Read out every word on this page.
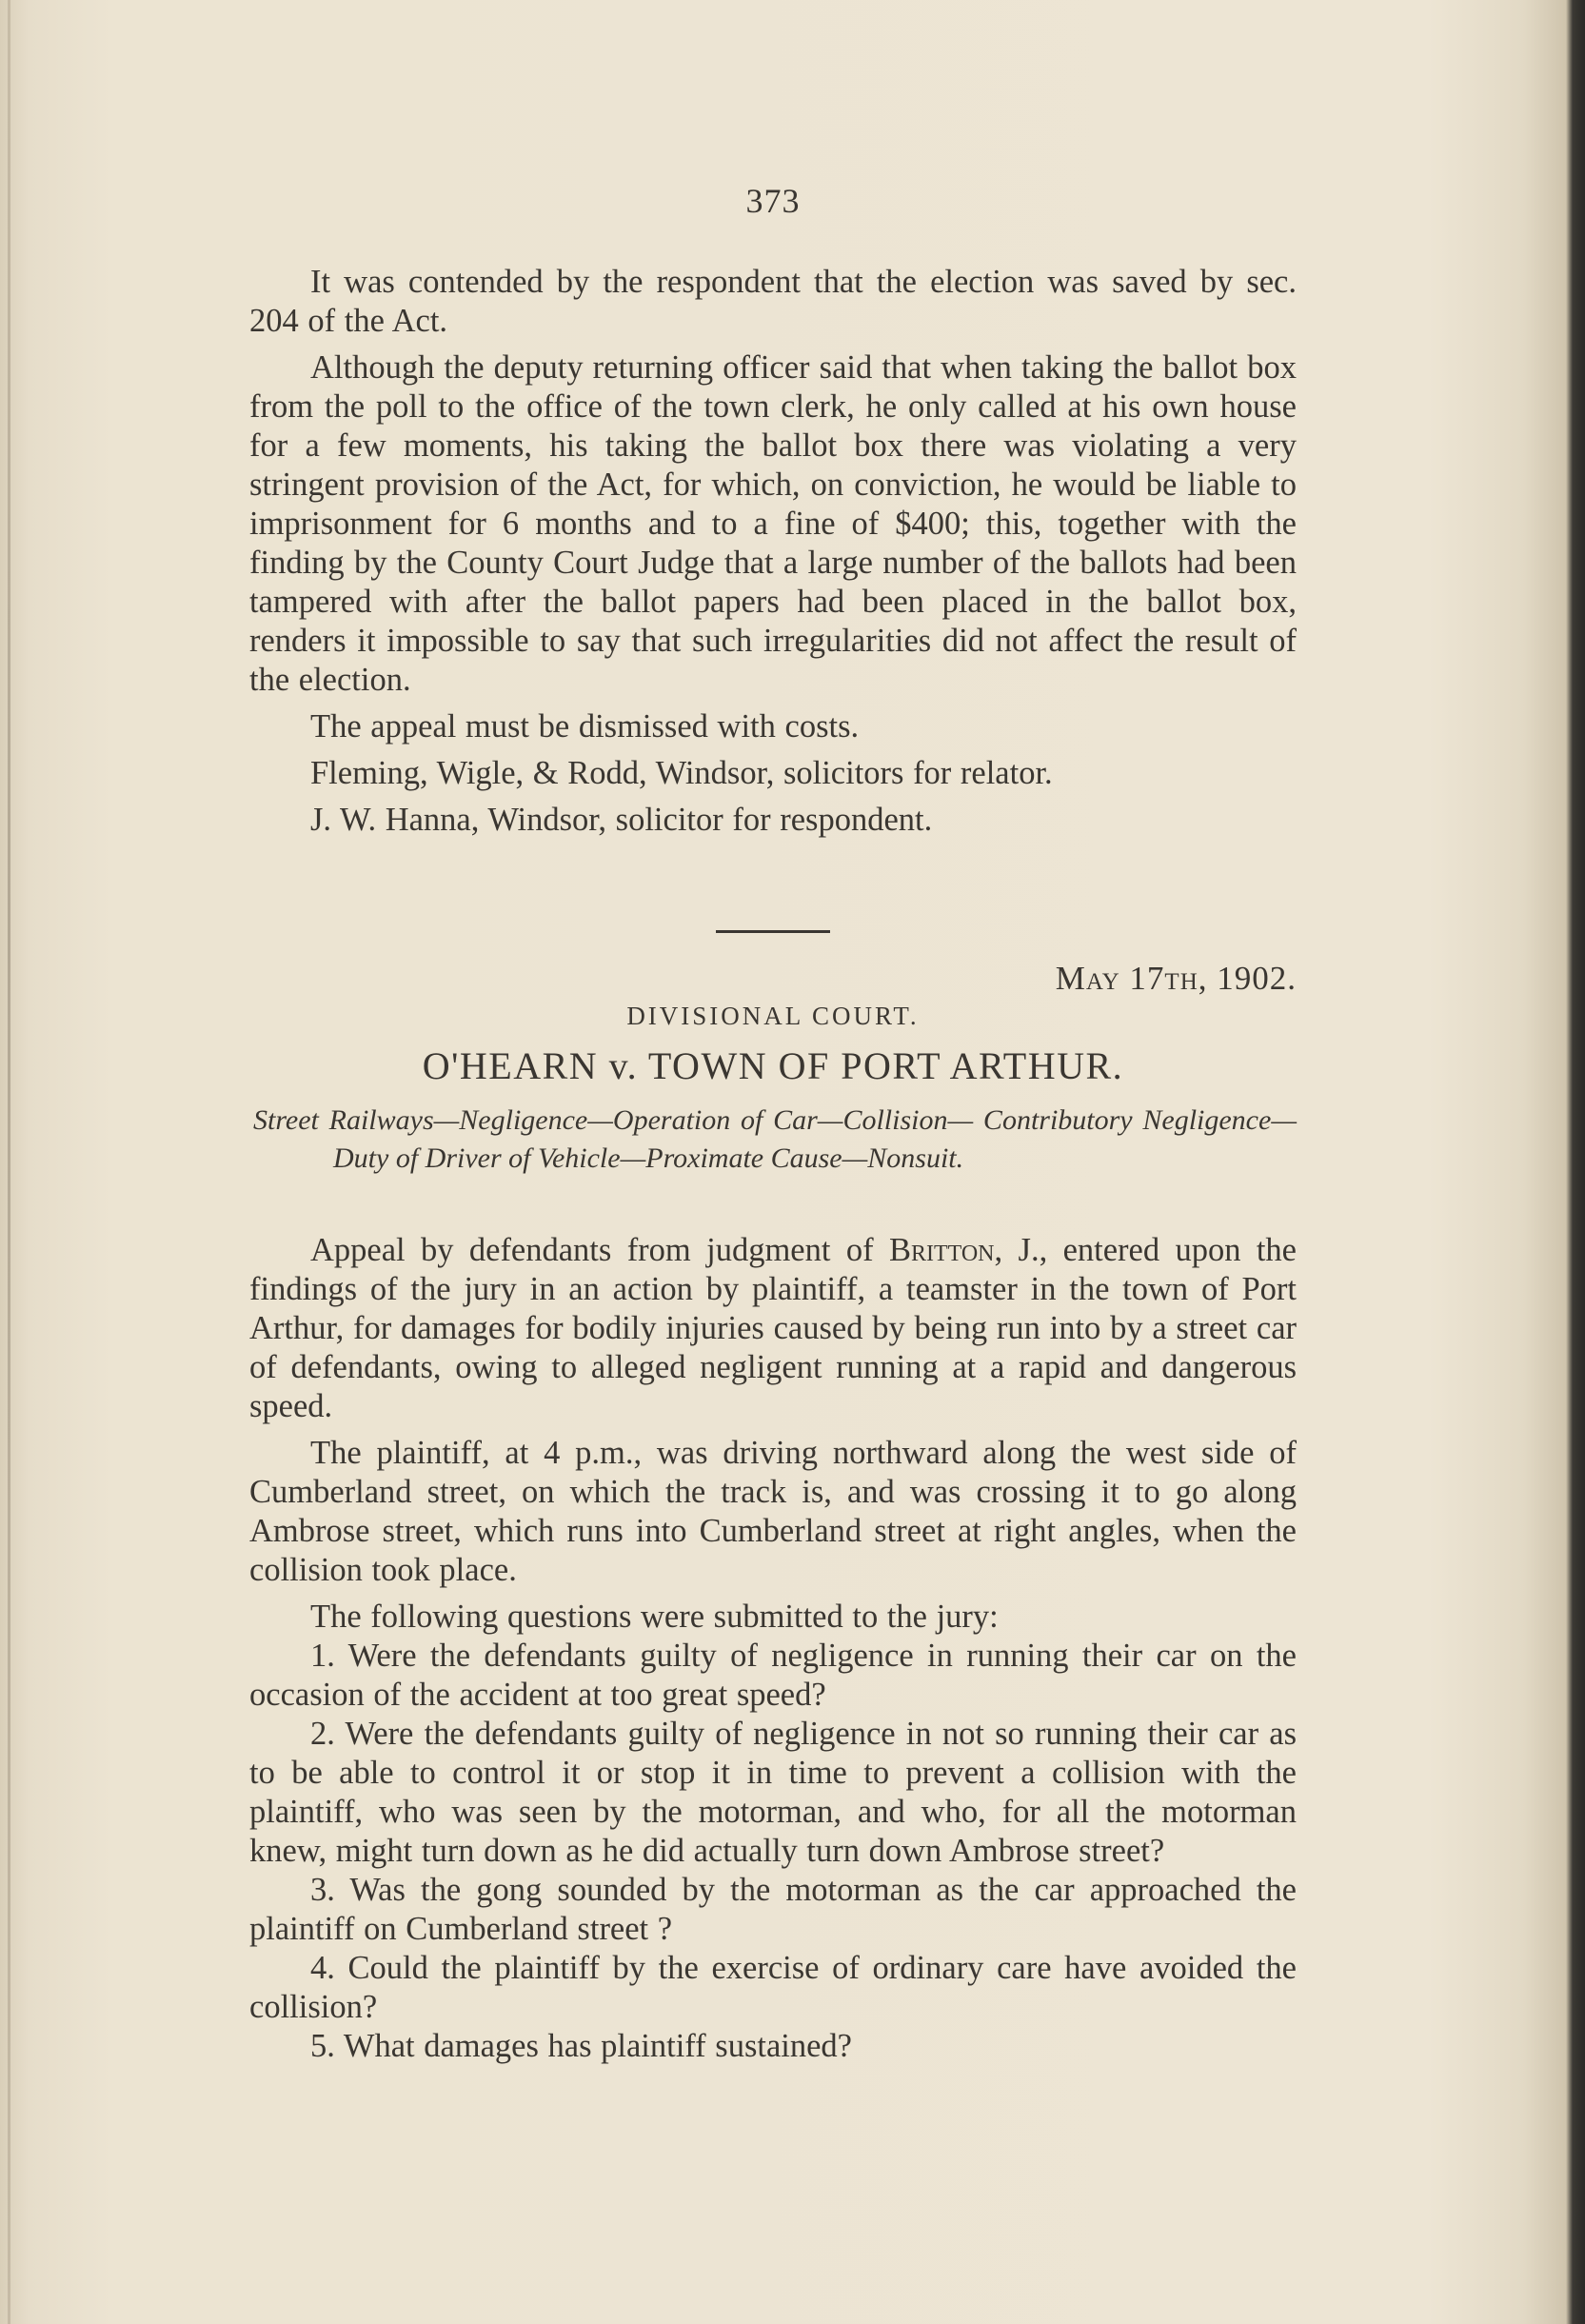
373

It was contended by the respondent that the election was saved by sec. 204 of the Act.

Although the deputy returning officer said that when taking the ballot box from the poll to the office of the town clerk, he only called at his own house for a few moments, his taking the ballot box there was violating a very stringent provision of the Act, for which, on conviction, he would be liable to imprisonment for 6 months and to a fine of $400; this, together with the finding by the County Court Judge that a large number of the ballots had been tampered with after the ballot papers had been placed in the ballot box, renders it impossible to say that such irregularities did not affect the result of the election.

The appeal must be dismissed with costs.

Fleming, Wigle, & Rodd, Windsor, solicitors for relator.

J. W. Hanna, Windsor, solicitor for respondent.

May 17th, 1902.
DIVISIONAL COURT.
O'HEARN v. TOWN OF PORT ARTHUR.
Street Railways—Negligence—Operation of Car—Collision— Contributory Negligence—Duty of Driver of Vehicle—Proximate Cause—Nonsuit.

Appeal by defendants from judgment of Britton, J., entered upon the findings of the jury in an action by plaintiff, a teamster in the town of Port Arthur, for damages for bodily injuries caused by being run into by a street car of defendants, owing to alleged negligent running at a rapid and dangerous speed.

The plaintiff, at 4 p.m., was driving northward along the west side of Cumberland street, on which the track is, and was crossing it to go along Ambrose street, which runs into Cumberland street at right angles, when the collision took place.

The following questions were submitted to the jury:

1. Were the defendants guilty of negligence in running their car on the occasion of the accident at too great speed?

2. Were the defendants guilty of negligence in not so running their car as to be able to control it or stop it in time to prevent a collision with the plaintiff, who was seen by the motorman, and who, for all the motorman knew, might turn down as he did actually turn down Ambrose street?

3. Was the gong sounded by the motorman as the car approached the plaintiff on Cumberland street ?

4. Could the plaintiff by the exercise of ordinary care have avoided the collision?

5. What damages has plaintiff sustained?
